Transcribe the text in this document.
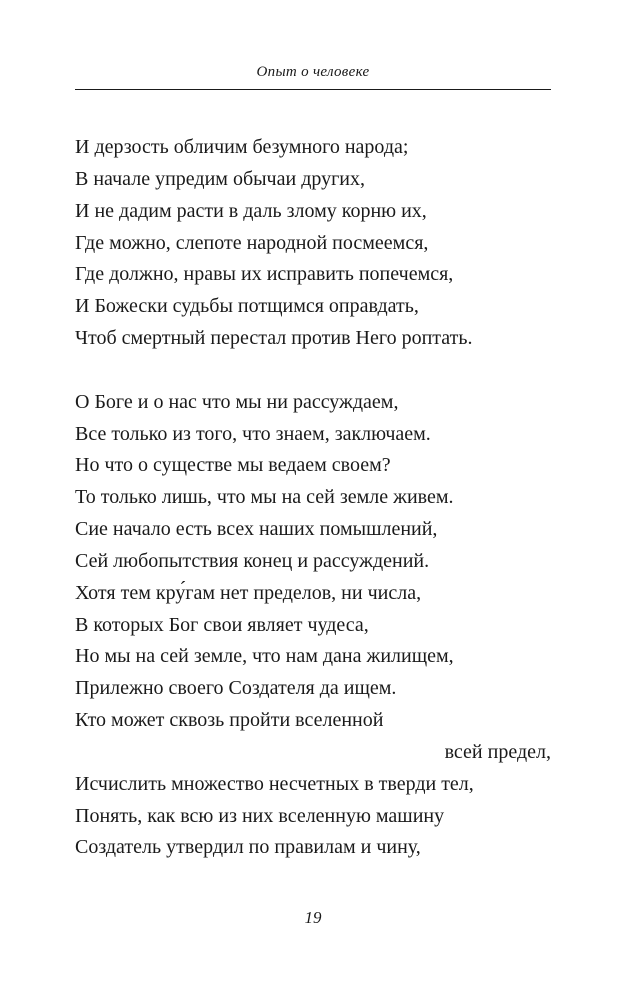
Опыт о человеке
И дерзость обличим безумного народа;
В начале упредим обычаи других,
И не дадим расти в даль злому корню их,
Где можно, слепоте народной посмеемся,
Где должно, нравы их исправить попечемся,
И Божески судьбы потщимся оправдать,
Чтоб смертный перестал против Него роптать.
О Боге и о нас что мы ни рассуждаем,
Все только из того, что знаем, заключаем.
Но что о существе мы ведаем своем?
То только лишь, что мы на сей земле живем.
Сие начало есть всех наших помышлений,
Сей любопытствия конец и рассуждений.
Хотя тем кру́гам нет пределов, ни числа,
В которых Бог свои являет чудеса,
Но мы на сей земле, что нам дана жилищем,
Прилежно своего Создателя да ищем.
Кто может сквозь пройти вселенной
всей предел,
Исчислить множество несчетных в тверди тел,
Понять, как всю из них вселенную машину
Создатель утвердил по правилам и чину,
19
